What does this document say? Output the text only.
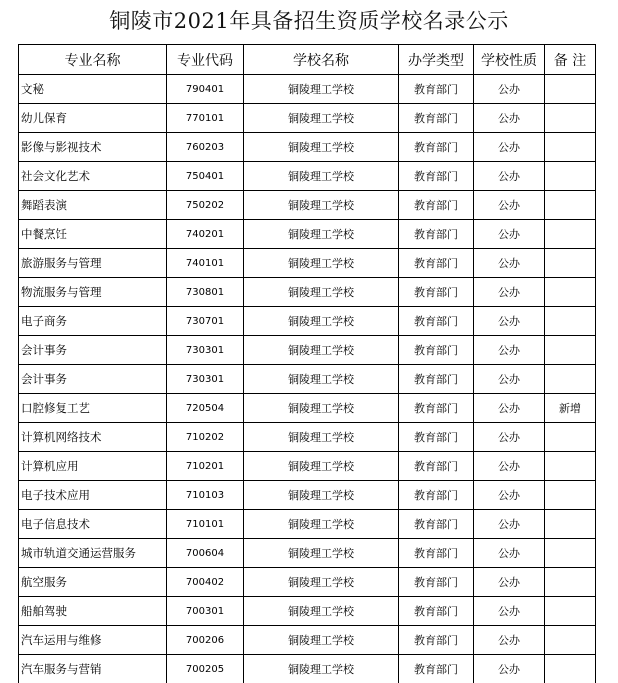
铜陵市2021年具备招生资质学校名录公示
专业名称	专业代码	学校名称	办学类型	学校性质	备 注
文秘	790401	铜陵理工学校	教育部门	公办	
幼儿保育	770101	铜陵理工学校	教育部门	公办	
影像与影视技术	760203	铜陵理工学校	教育部门	公办	
社会文化艺术	750401	铜陵理工学校	教育部门	公办	
舞蹈表演	750202	铜陵理工学校	教育部门	公办	
中餐烹饪	740201	铜陵理工学校	教育部门	公办	
旅游服务与管理	740101	铜陵理工学校	教育部门	公办	
物流服务与管理	730801	铜陵理工学校	教育部门	公办	
电子商务	730701	铜陵理工学校	教育部门	公办	
会计事务	730301	铜陵理工学校	教育部门	公办	
会计事务	730301	铜陵理工学校	教育部门	公办	
口腔修复工艺	720504	铜陵理工学校	教育部门	公办	新增
计算机网络技术	710202	铜陵理工学校	教育部门	公办	
计算机应用	710201	铜陵理工学校	教育部门	公办	
电子技术应用	710103	铜陵理工学校	教育部门	公办	
电子信息技术	710101	铜陵理工学校	教育部门	公办	
城市轨道交通运营服务	700604	铜陵理工学校	教育部门	公办	
航空服务	700402	铜陵理工学校	教育部门	公办	
船舶驾驶	700301	铜陵理工学校	教育部门	公办	
汽车运用与维修	700206	铜陵理工学校	教育部门	公办	
汽车服务与营销	700205	铜陵理工学校	教育部门	公办	
